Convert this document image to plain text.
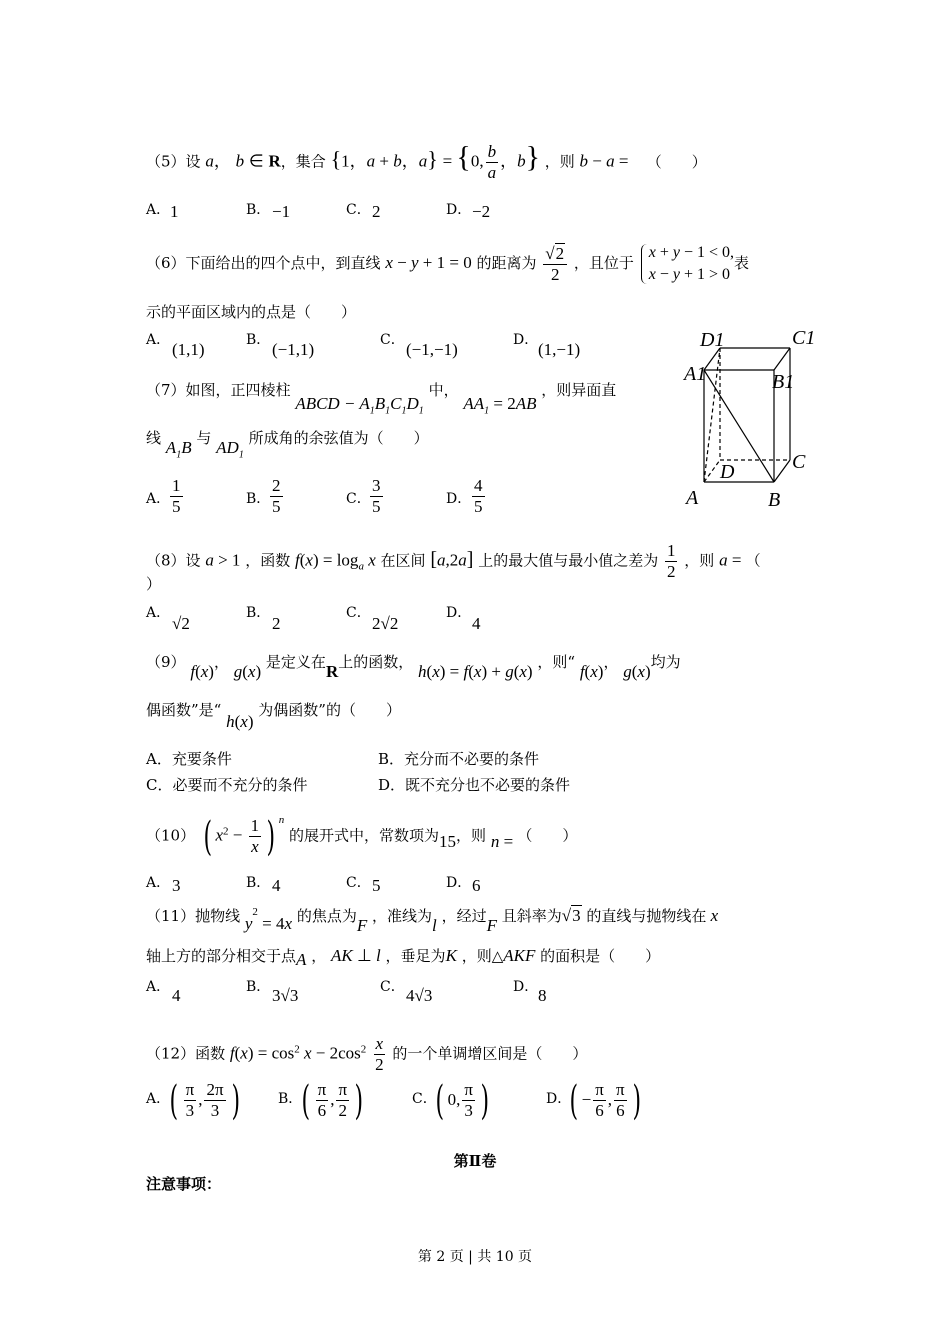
（5）设 a， b ∈ R，集合 {1，a + b，a} = {0, $\frac{b}{a}$ ，b} ，则 b − a = （　　）
A． 1	B． −1	C． 2	D． −2
（6）下面给出的四个点中，到直线 x − y + 1 = 0 的距离为 $\frac{√2}{2}$ ，且位于
x + y − 1 < 0,
x − y + 1 > 0
表
示的平面区域内的点是（　　）
A． (1,1)	B． (−1,1)	C． (−1,−1)	D． (1,−1)
（7）如图，正四棱柱 ABCD − $A_1B_1C_1D_1$ 中， $AA_1 = 2AB$ ，则异面直
线 $A_1B$ 与 $AD_1$ 所成角的余弦值为（　　）
A． $\frac{1}{5}$	B． $\frac{2}{5}$	C． $\frac{3}{5}$	D． $\frac{4}{5}$
D1	C1
A1	B1
D	C
A	B
（8）设 a > 1 ，函数 $f(x) = \log_a x$ 在区间 [a,2a] 上的最大值与最小值之差为 $\frac{1}{2}$ ，则 a = （
）
A．
√2
B．
2
C．
2√2
D．
4
（9） f(x)， g(x) 是定义在R上的函数， h(x) = f(x) + g(x) ，则“ f(x)， g(x)均为
偶函数”是“ h(x) 为偶函数”的（　　）
A．充要条件	B．充分而不必要的条件
C．必要而不充分的条件	D．既不充分也不必要的条件
（10） ( $x^2 - \frac{1}{x}$ ) $^n$ 的展开式中，常数项为15，则 n = （　　）
A． 3	B． 4	C． 5	D． 6
（11）抛物线 $y^2 = 4x$ 的焦点为F ，准线为l ，经过F 且斜率为√3 的直线与抛物线在 x
轴上方的部分相交于点A ， AK ⊥ l ，垂足为K ，则△AKF 的面积是（　　）
A． 4	B． 3√3	C． 4√3	D． 8
（12）函数 $f(x) = \cos^2 x - 2\cos^2 \frac{x}{2}$ 的一个单调增区间是（　　）
A． ( $\frac{\pi}{3}$ , $\frac{2\pi}{3}$ )	B． ( $\frac{\pi}{6}$ , $\frac{\pi}{2}$ )	C．
( 0, $\frac{\pi}{3}$ )	D．
( − $\frac{\pi}{6}$ , $\frac{\pi}{6}$ )
第Ⅱ卷
注意事项：
第 2 页 | 共 10 页
